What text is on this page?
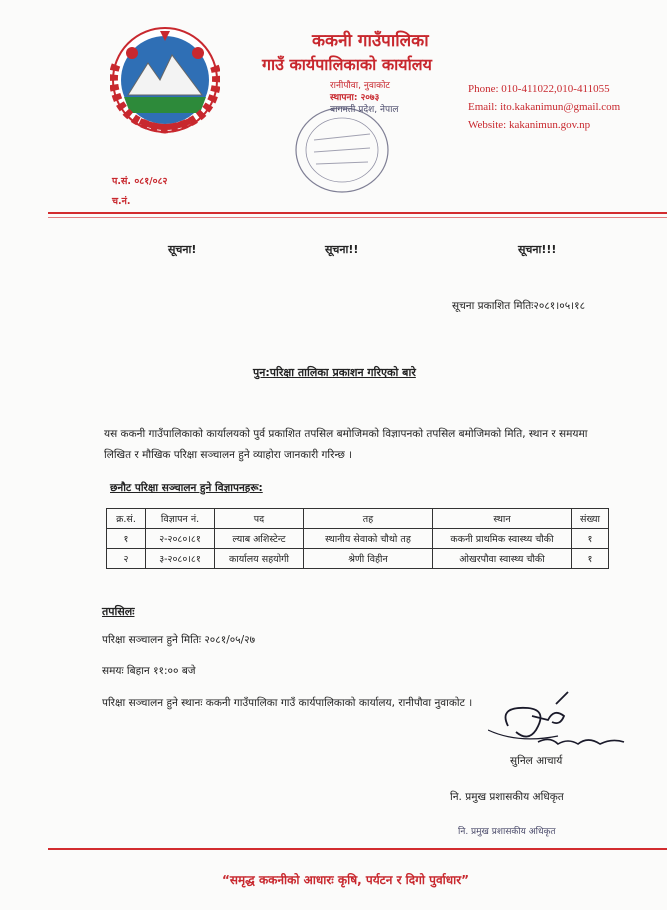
ककनी गाउँपालिका
गाउँ कार्यपालिकाको कार्यालय
रानीपौवा, नुवाकोट
स्थापना: २०७३
बागमती प्रदेश, नेपाल
Phone: 010-411022,010-411055
Email: ito.kakanimun@gmail.com
Website: kakanimun.gov.np
प.सं. ०८१/०८२
च.नं.
सूचना!	सूचना!!	सूचना!!!
सूचना प्रकाशित मितिः२०८१।०५।१८
पुन:परिक्षा तालिका प्रकाशन गरिएको बारे
यस ककनी गाउँपालिकाको कार्यालयको पुर्व प्रकाशित तपसिल बमोजिमको विज्ञापनको तपसिल बमोजिमको मिति, स्थान र समयमा लिखित र मौखिक परिक्षा सञ्चालन हुने व्याहोरा जानकारी गरिन्छ ।
छनौट परिक्षा सञ्चालन हुने विज्ञापनहरू:
क्र.सं.	विज्ञापन नं.	पद	तह	स्थान	संख्या
१	२-२०८०।८१	ल्याब अशिस्टेन्ट	स्थानीय सेवाको चौथो तह	ककनी प्राथमिक स्वास्थ्य चौकी	१
२	३-२०८०।८१	कार्यालय सहयोगी	श्रेणी विहीन	ओखरपौवा स्वास्थ्य चौकी	१
तपसिलः
परिक्षा सञ्चालन हुने मितिः २०८१/०५/२७
समयः बिहान ११:०० बजे
परिक्षा सञ्चालन हुने स्थानः ककनी गाउँपालिका गाउँ कार्यपालिकाको कार्यालय, रानीपौवा नुवाकोट ।
सुनिल आचार्य
नि. प्रमुख प्रशासकीय अधिकृत
नि. प्रमुख प्रशासकीय अधिकृत
“समृद्ध ककनीको आधारः कृषि, पर्यटन र दिगो पुर्वाधार”
